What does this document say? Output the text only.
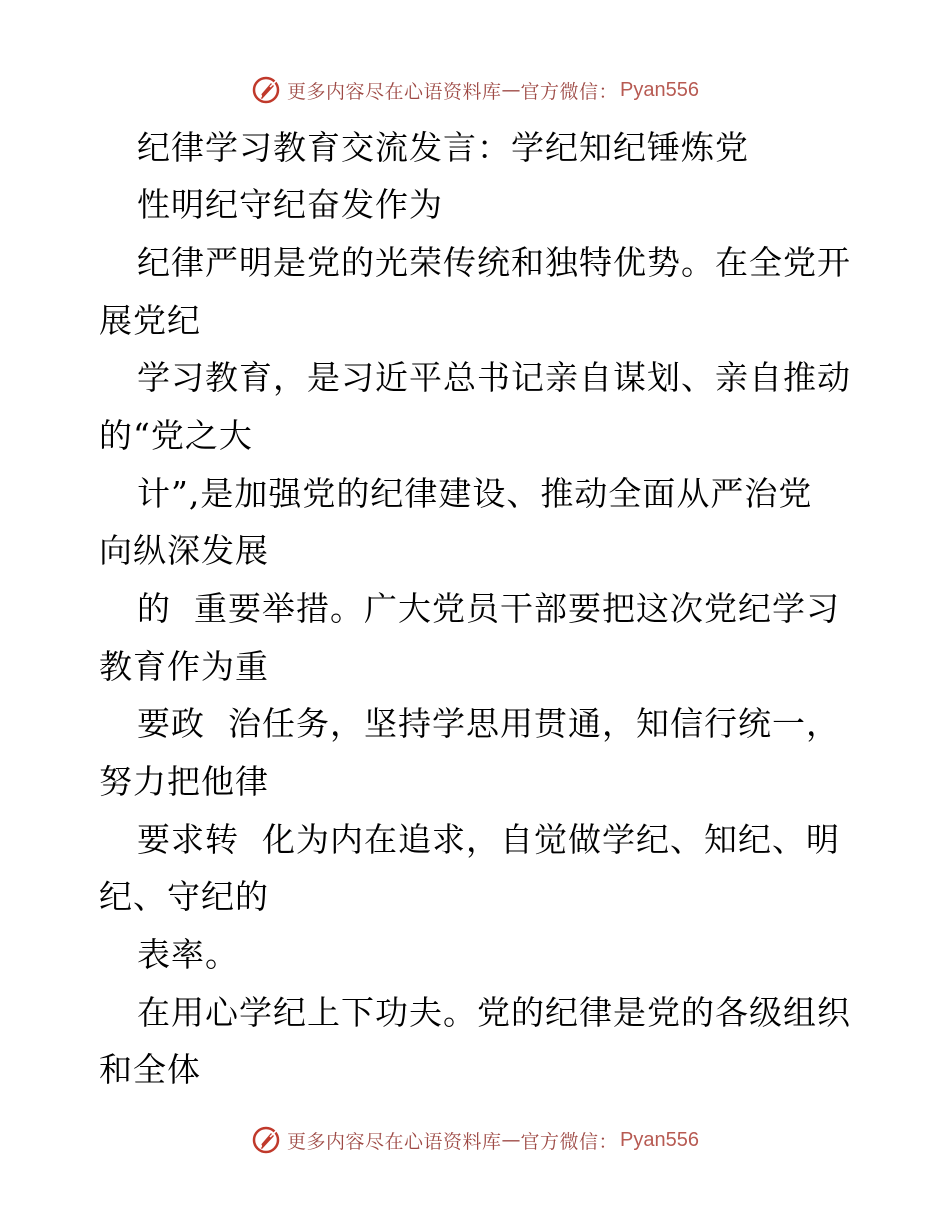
更多内容尽在心语资料库 — 官方微信： Pyan556
纪律学习教育交流发言：学纪知纪锤炼党
性明纪守纪奋发作为
纪律严明是党的光荣传统和独特优势。在全党开
展党纪
学习教育，是习近平总书记亲自谋划、亲自推动
的“党之大
计”,是加强党的纪律建设、推动全面从严治党
向纵深发展
的  重要举措。广大党员干部要把这次党纪学习
教育作为重
要政  治任务，坚持学思用贯通，知信行统一，
努力把他律
要求转  化为内在追求，自觉做学纪、知纪、明
纪、守纪的
表率。
在用心学纪上下功夫。党的纪律是党的各级组织
和全体
更多内容尽在心语资料库 — 官方微信： Pyan556
